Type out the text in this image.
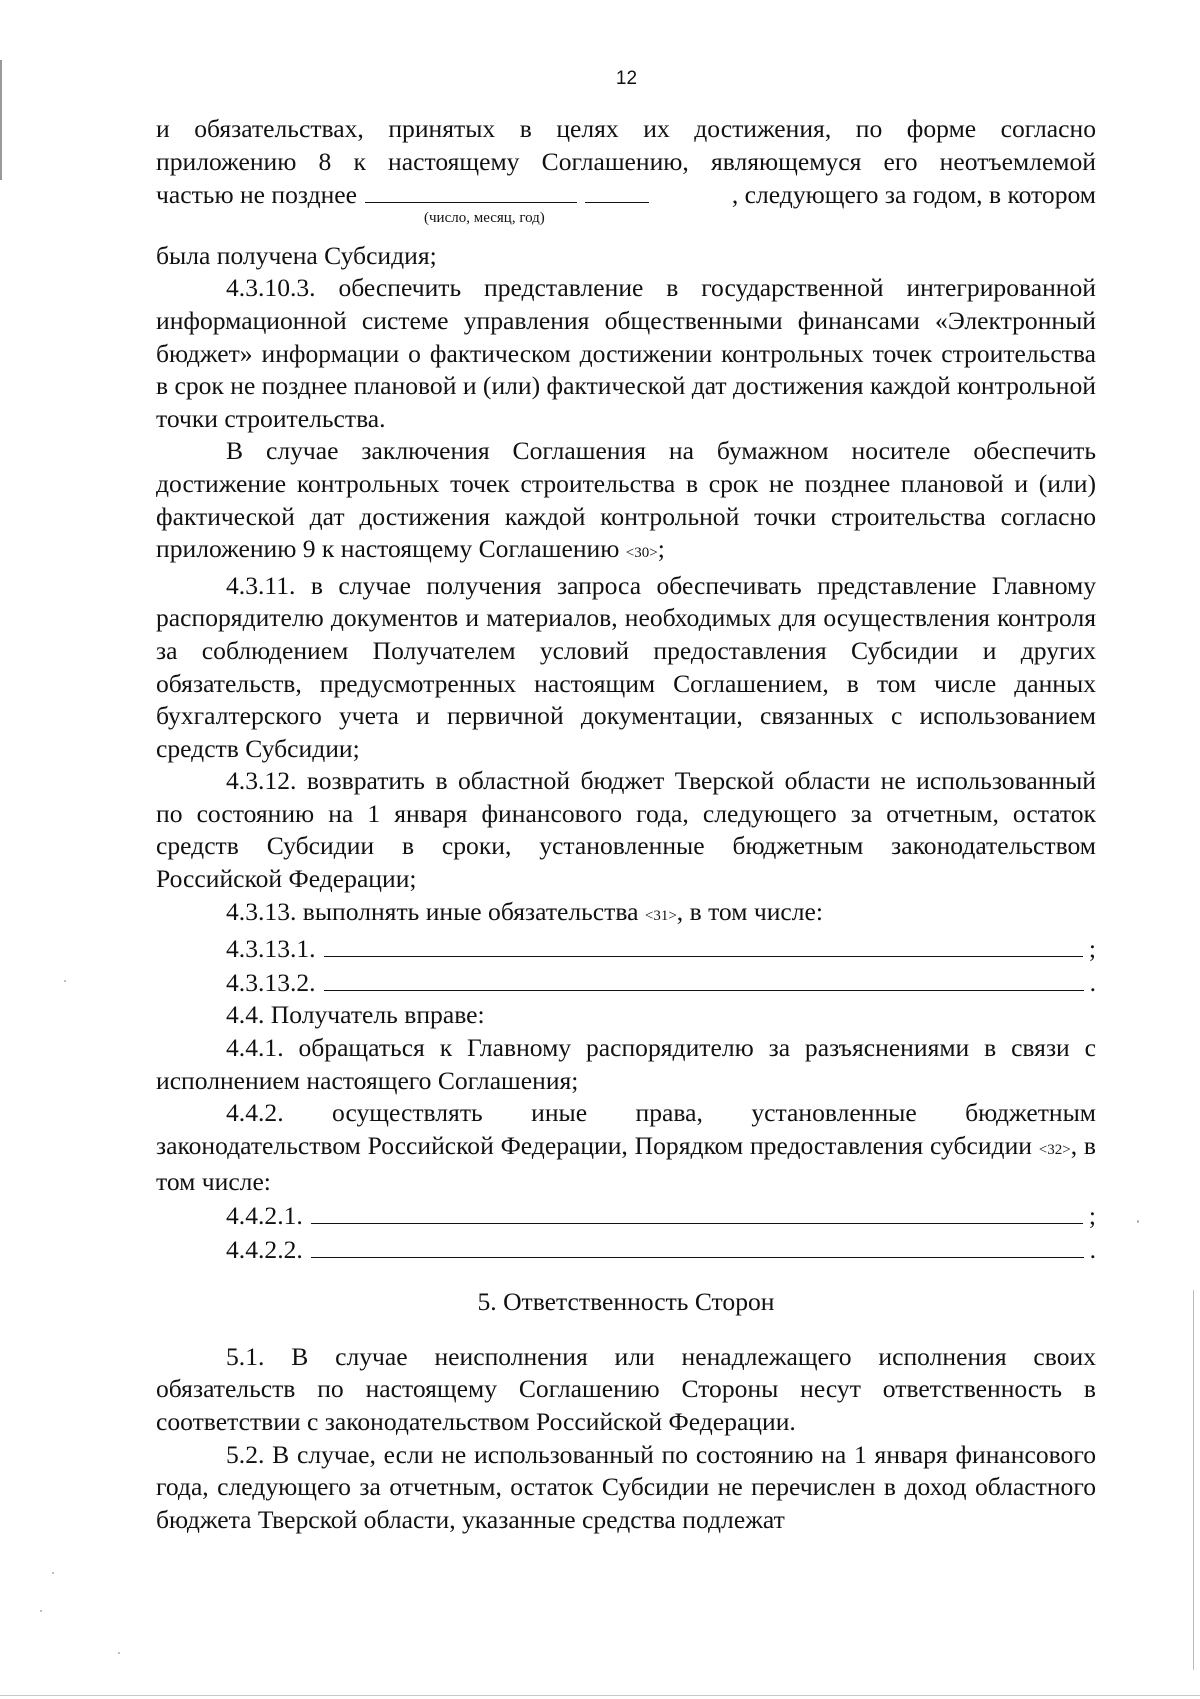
12

и обязательствах, принятых в целях их достижения, по форме согласно

приложению 8 к настоящему Соглашению, являющемуся его неотъемлемой

частью не позднее	, следующего за годом, в котором
(число, месяц, год)

была получена Субсидия;

4.3.10.3. обеспечить представление в государственной интегрированной информационной системе управления общественными финансами «Электронный бюджет» информации о фактическом достижении контрольных точек строительства в срок не позднее плановой и (или) фактической дат достижения каждой контрольной точки строительства.

В случае заключения Соглашения на бумажном носителе обеспечить достижение контрольных точек строительства в срок не позднее плановой и (или) фактической дат достижения каждой контрольной точки строительства согласно приложению 9 к настоящему Соглашению <30>;

4.3.11. в случае получения запроса обеспечивать представление Главному распорядителю документов и материалов, необходимых для осуществления контроля за соблюдением Получателем условий предоставления Субсидии и других обязательств, предусмотренных настоящим Соглашением, в том числе данных бухгалтерского учета и первичной документации, связанных с использованием средств Субсидии;

4.3.12. возвратить в областной бюджет Тверской области не использованный по состоянию на 1 января финансового года, следующего за отчетным, остаток средств Субсидии в сроки, установленные бюджетным законодательством Российской Федерации;

4.3.13. выполнять иные обязательства <31>, в том числе:

4.3.13.1.	;
4.3.13.2.	.

4.4. Получатель вправе:

4.4.1. обращаться к Главному распорядителю за разъяснениями в связи с исполнением настоящего Соглашения;

4.4.2. осуществлять иные права, установленные бюджетным законодательством Российской Федерации, Порядком предоставления субсидии <32>, в том числе:

4.4.2.1.	;
4.4.2.2.	.
5. Ответственность Сторон

5.1. В случае неисполнения или ненадлежащего исполнения своих обязательств по настоящему Соглашению Стороны несут ответственность в соответствии с законодательством Российской Федерации.

5.2. В случае, если не использованный по состоянию на 1 января финансового года, следующего за отчетным, остаток Субсидии не перечислен в доход областного бюджета Тверской области, указанные средства подлежат
